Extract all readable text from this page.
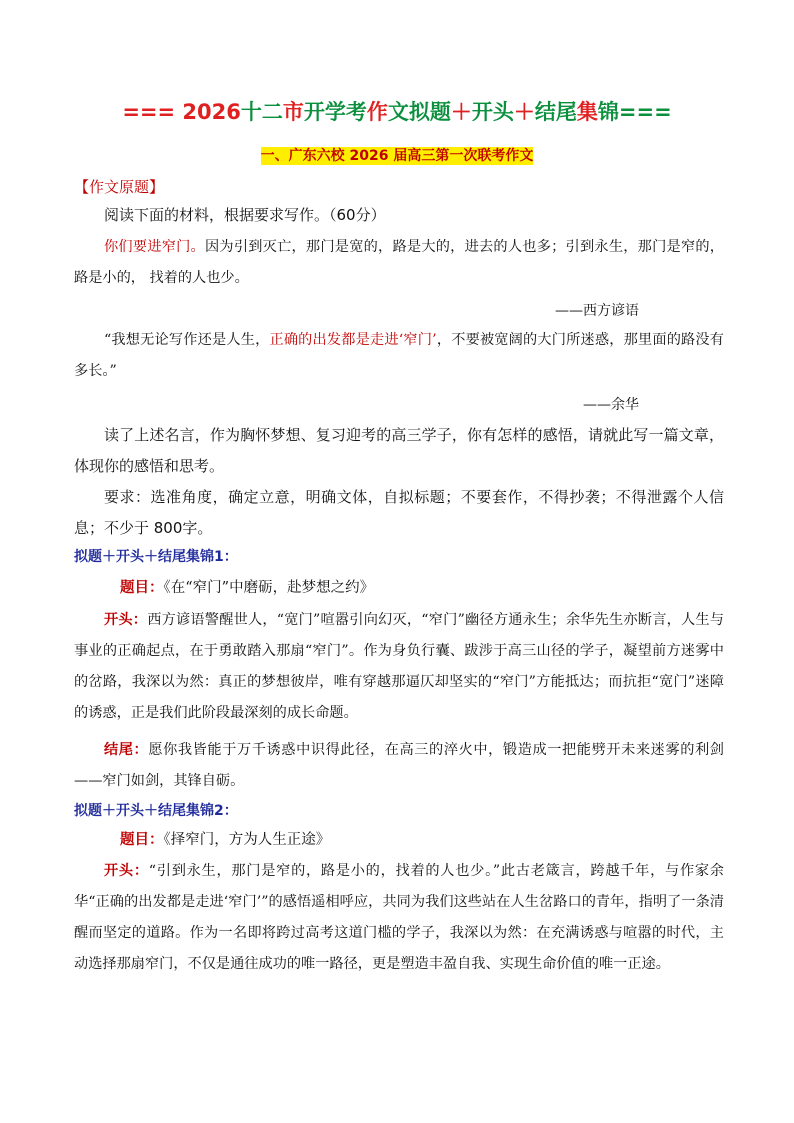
=== 2026十二市开学考作文拟题＋开头＋结尾集锦===
一、广东六校 2026 届高三第一次联考作文
【作文原题】
阅读下面的材料，根据要求写作。（60分）
你们要进窄门。因为引到灭亡，那门是宽的，路是大的，进去的人也多；引到永生，那门是窄的，路是小的， 找着的人也少。
——西方谚语
“我想无论写作还是人生，正确的出发都是走进‘窄门’，不要被宽阔的大门所迷惑，那里面的路没有多长。”
——余华
读了上述名言，作为胸怀梦想、复习迎考的高三学子，你有怎样的感悟，请就此写一篇文章，体现你的感悟和思考。
要求：选准角度，确定立意，明确文体，自拟标题；不要套作，不得抄袭；不得泄露个人信息；不少于 800字。
拟题＋开头＋结尾集锦1：
题目：《在“窄门”中磨砺，赴梦想之约》
开头：西方谚语警醒世人，“宽门”喧嚣引向幻灭，“窄门”幽径方通永生；余华先生亦断言，人生与事业的正确起点，在于勇敢踏入那扇“窄门”。作为身负行囊、跋涉于高三山径的学子，凝望前方迷雾中的岔路，我深以为然：真正的梦想彼岸，唯有穿越那逼仄却坚实的“窄门”方能抵达；而抗拒“宽门”迷障的诱惑，正是我们此阶段最深刻的成长命题。
结尾：愿你我皆能于万千诱惑中识得此径，在高三的淬火中，锻造成一把能劈开未来迷雾的利剑——窄门如剑，其锋自砺。
拟题＋开头＋结尾集锦2：
题目：《择窄门，方为人生正途》
开头：“引到永生，那门是窄的，路是小的，找着的人也少。”此古老箴言，跨越千年，与作家余华“正确的出发都是走进‘窄门’”的感悟遥相呼应，共同为我们这些站在人生岔路口的青年，指明了一条清醒而坚定的道路。作为一名即将跨过高考这道门槛的学子，我深以为然：在充满诱惑与喧嚣的时代，主动选择那扇窄门，不仅是通往成功的唯一路径，更是塑造丰盈自我、实现生命价值的唯一正途。
